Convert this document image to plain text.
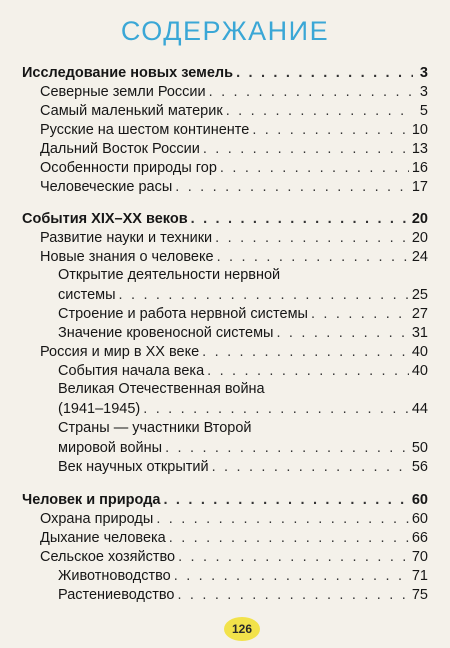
СОДЕРЖАНИЕ
Исследование новых земель . . .	3
Северные земли России . . .	3
Самый маленький материк . . .	5
Русские на шестом континенте . . .	10
Дальний Восток России . . .	13
Особенности природы гор . . .	16
Человеческие расы . . .	17
События XIX–XX веков . . .	20
Развитие науки и техники . . .	20
Новые знания о человеке . . .	24
Открытие деятельности нервной
системы . . .	25
Строение и работа нервной системы . . .	27
Значение кровеносной системы . . .	31
Россия и мир в XX веке . . .	40
События начала века . . .	40
Великая Отечественная война
(1941–1945) . . .	44
Страны — участники Второй
мировой войны . . .	50
Век научных открытий . . .	56
Человек и природа . . .	60
Охрана природы . . .	60
Дыхание человека . . .	66
Сельское хозяйство . . .	70
Животноводство . . .	71
Растениеводство . . .	75
126
